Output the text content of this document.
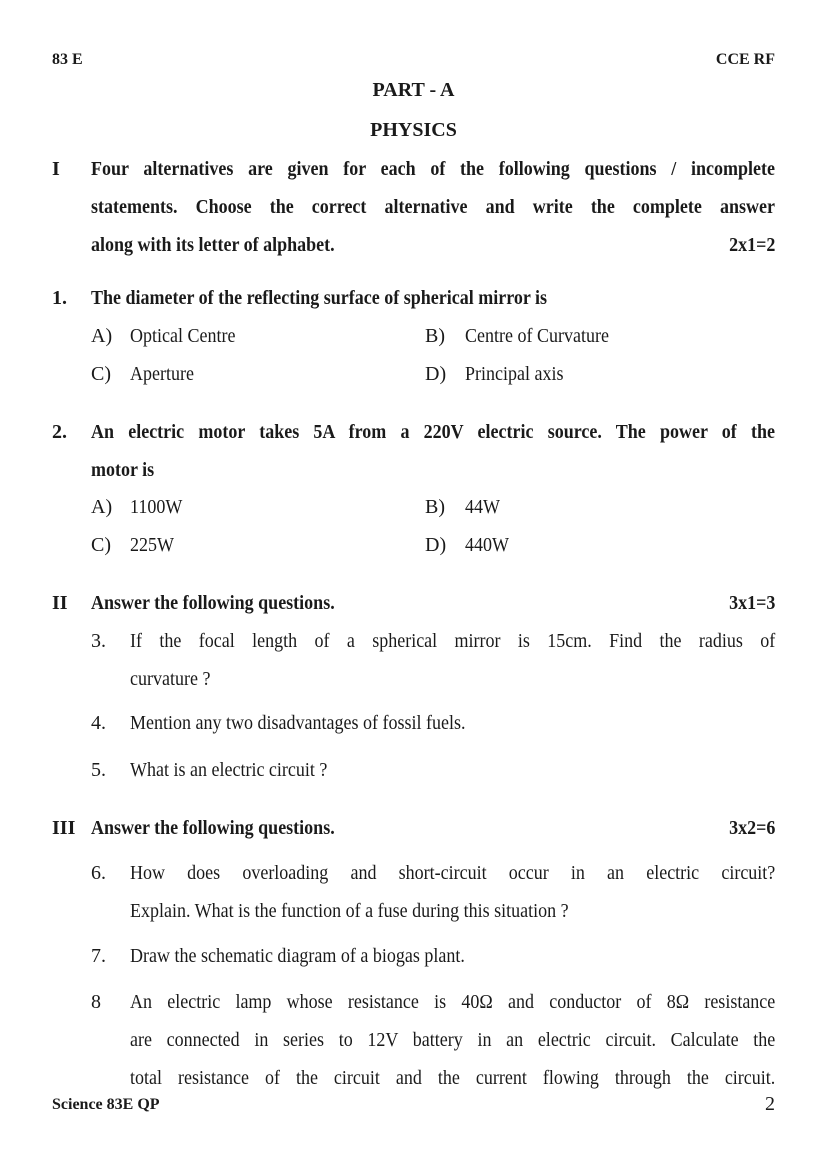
83 E	CCE RF
PART - A
PHYSICS
I Four alternatives are given for each of the following questions / incomplete
statements. Choose the correct alternative and write the complete answer
along with its letter of alphabet.	2x1=2
1. The diameter of the reflecting surface of spherical mirror is
A) Optical Centre	B) Centre of Curvature
C) Aperture	D) Principal axis
2. An electric motor takes 5A from a 220V electric source. The power of the
motor is
A) 1100W	B) 44W
C) 225W	D) 440W
II Answer the following questions.	3x1=3
3. If the focal length of a spherical mirror is 15cm. Find the radius of
curvature ?
4. Mention any two disadvantages of fossil fuels.
5. What is an electric circuit ?
III Answer the following questions.	3x2=6
6. How does overloading and short-circuit occur in an electric circuit?
Explain. What is the function of a fuse during this situation ?
7. Draw the schematic diagram of a biogas plant.
8 An electric lamp whose resistance is 40Ω and conductor of 8Ω resistance
are connected in series to 12V battery in an electric circuit. Calculate the
total resistance of the circuit and the current flowing through the circuit.
Science 83E QP	2
